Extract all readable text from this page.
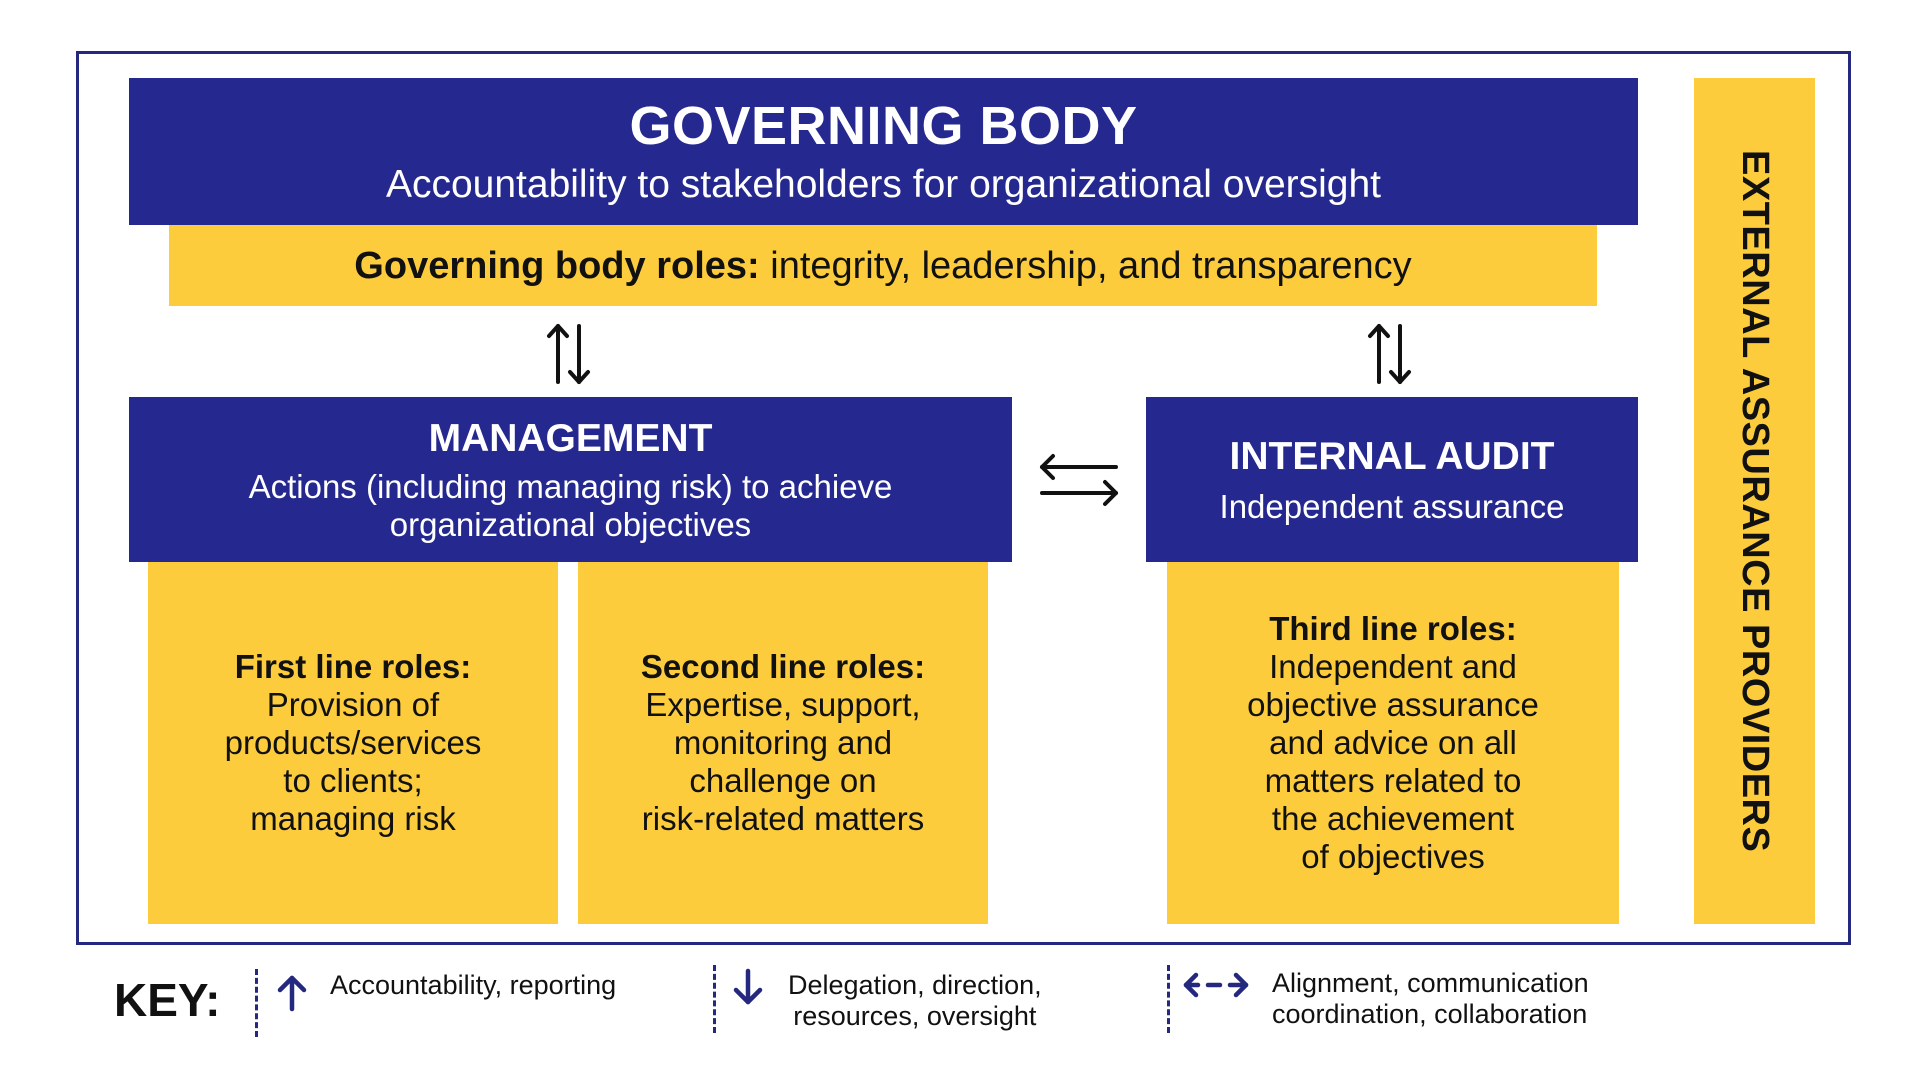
GOVERNING BODY
Accountability to stakeholders for organizational oversight
Governing body roles: integrity, leadership, and transparency
MANAGEMENT
Actions (including managing risk) to achieve
organizational objectives
INTERNAL AUDIT
Independent assurance
First line roles:
Provision of
products/services
to clients;
managing risk
Second line roles:
Expertise, support,
monitoring and
challenge on
risk-related matters
Third line roles:
Independent and
objective assurance
and advice on all
matters related to
the achievement
of objectives
EXTERNAL ASSURANCE PROVIDERS
KEY:	Accountability, reporting	Delegation, direction,
resources, oversight
Alignment, communication
coordination, collaboration
